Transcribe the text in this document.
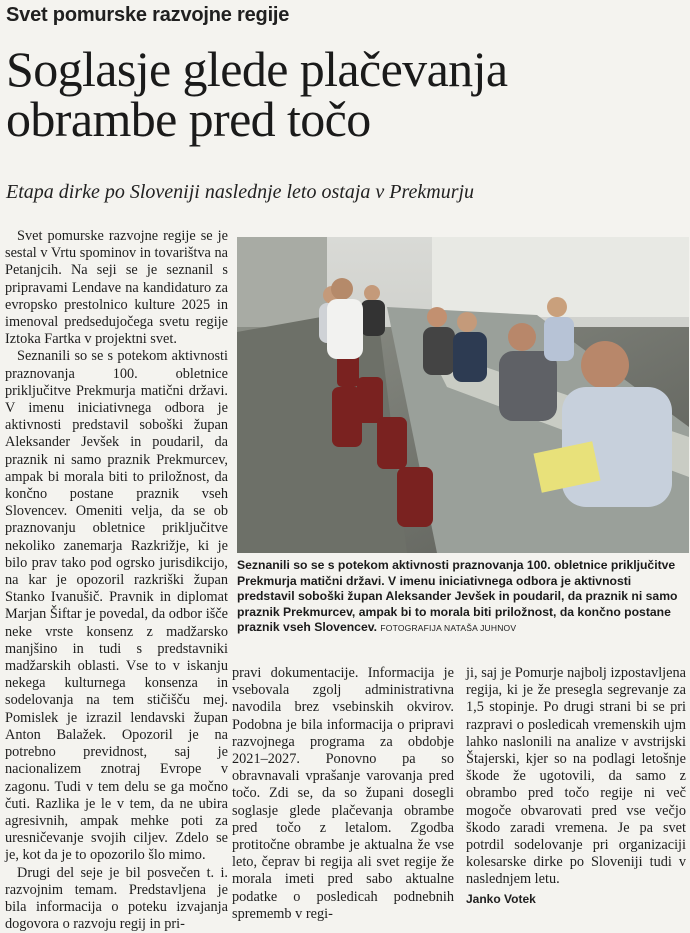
Svet pomurske razvojne regije
Soglasje glede plačevanja obrambe pred točo
Etapa dirke po Sloveniji naslednje leto ostaja v Prekmurju

Svet pomurske razvojne regije se je sestal v Vrtu spominov in tovarištva na Petanjcih. Na seji se je seznanil s pripravami Lendave na kandidaturo za evropsko prestolnico kulture 2025 in imenoval predsedujočega svetu regije Iztoka Fartka v projektni svet.

Seznanili so se s potekom aktivnosti praznovanja 100. obletnice priključitve Prekmurja matični državi. V imenu iniciativnega odbora je aktivnosti predstavil soboški župan Aleksander Jevšek in poudaril, da praznik ni samo praznik Prekmurcev, ampak bi morala biti to priložnost, da končno postane praznik vseh Slovencev. Omeniti velja, da se ob praznovanju obletnice priključitve nekoliko zanemarja Razkrižje, ki je bilo prav tako pod ogrsko jurisdikcijo, na kar je opozoril razkriški župan Stanko Ivanušič. Pravnik in diplomat Marjan Šiftar je povedal, da odbor išče neke vrste konsenz z madžarsko manjšino in tudi s predstavniki madžarskih oblasti. Vse to v iskanju nekega kulturnega konsenza in sodelovanja na tem stičišču mej. Pomislek je izrazil lendavski župan Anton Balažek. Opozoril je na potrebno previdnost, saj je nacionalizem znotraj Evrope v zagonu. Tudi v tem delu se ga močno čuti. Razlika je le v tem, da ne ubira agresivnih, ampak mehke poti za uresničevanje svojih ciljev. Zdelo se je, kot da je to opozorilo šlo mimo.

Drugi del seje je bil posvečen t. i. razvojnim temam. Predstavljena je bila informacija o poteku izvajanja dogovora o razvoju regij in pri-

Seznanili so se s potekom aktivnosti praznovanja 100. obletnice priključitve Prekmurja matični državi. V imenu iniciativnega odbora je aktivnosti predstavil soboški župan Aleksander Jevšek in poudaril, da praznik ni samo praznik Prekmurcev, ampak bi to morala biti priložnost, da končno postane praznik vseh Slovencev. FOTOGRAFIJA NATAŠA JUHNOV

pravi dokumentacije. Informacija je vsebovala zgolj administrativna navodila brez vsebinskih okvirov. Podobna je bila informacija o pripravi razvojnega programa za obdobje 2021–2027. Ponovno pa so obravnavali vprašanje varovanja pred točo. Zdi se, da so župani dosegli soglasje glede plačevanja obrambe pred točo z letalom. Zgodba protitočne obrambe je aktualna že vse leto, čeprav bi regija ali svet regije že morala imeti pred sabo aktualne podatke o posledicah podnebnih sprememb v regi-

ji, saj je Pomurje najbolj izpostavljena regija, ki je že presegla segrevanje za 1,5 stopinje. Po drugi strani bi se pri razpravi o posledicah vremenskih ujm lahko naslonili na analize v avstrijski Štajerski, kjer so na podlagi letošnje škode že ugotovili, da samo z obrambo pred točo regije ni več mogoče obvarovati pred vse večjo škodo zaradi vremena. Je pa svet potrdil sodelovanje pri organizaciji kolesarske dirke po Sloveniji tudi v naslednjem letu.

Janko Votek
